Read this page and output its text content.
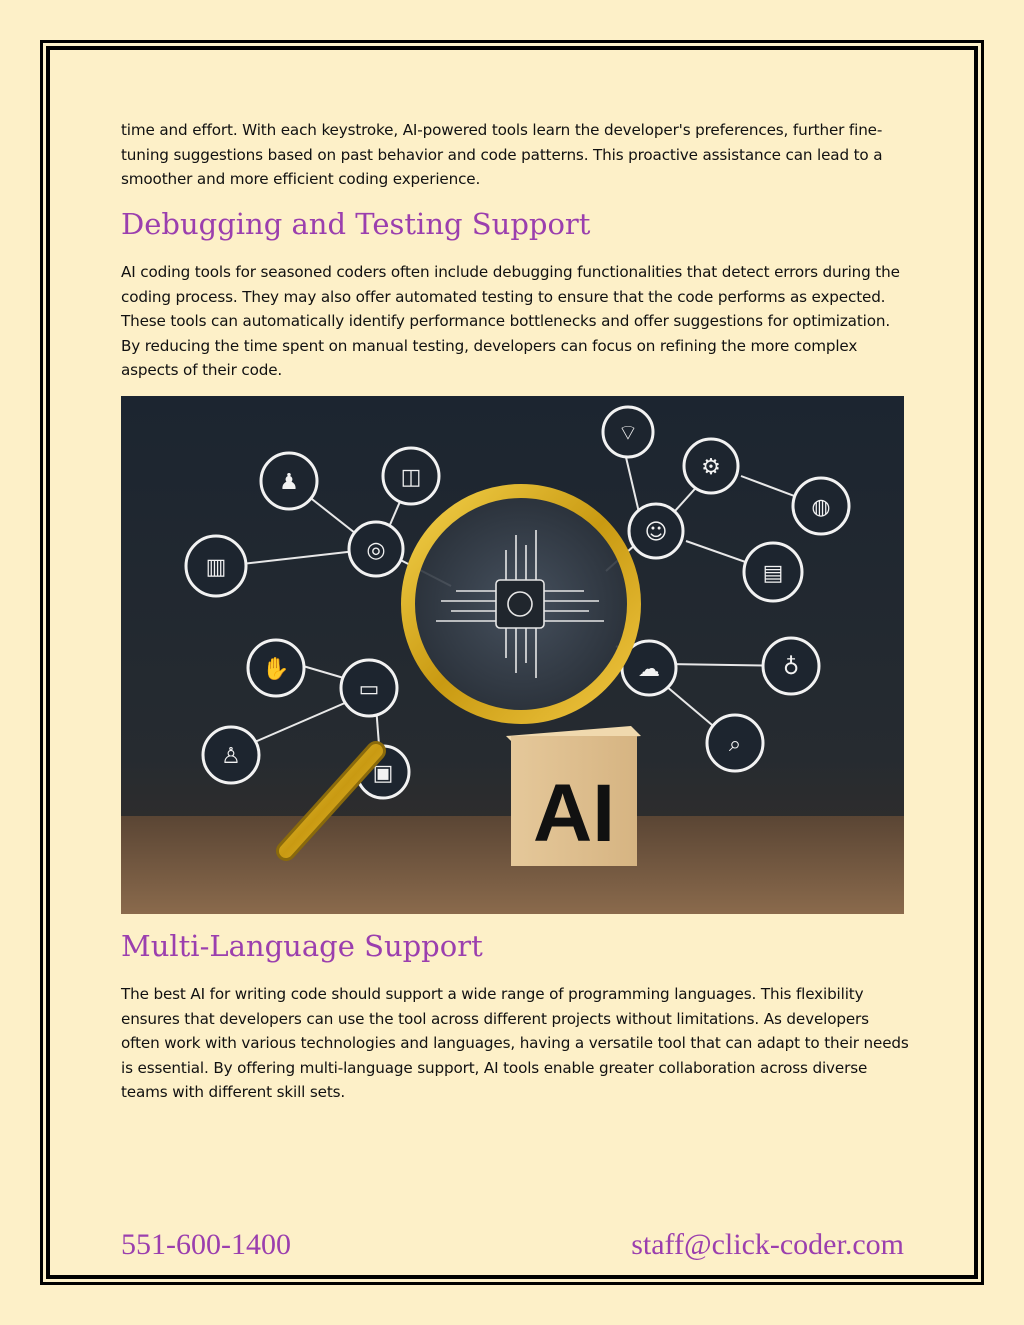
time and effort. With each keystroke, AI-powered tools learn the developer's preferences, further fine-tuning suggestions based on past behavior and code patterns. This proactive assistance can lead to a smoother and more efficient coding experience.

Debugging and Testing Support

AI coding tools for seasoned coders often include debugging functionalities that detect errors during the coding process. They may also offer automated testing to ensure that the code performs as expected. These tools can automatically identify performance bottlenecks and offer suggestions for optimization. By reducing the time spent on manual testing, developers can focus on refining the more complex aspects of their code.

♟	◫
▥
◎
✋
▭
♙
▣
⌔
⚙
◍
☺
▤
☁	♁
⌕
AI
Multi-Language Support

The best AI for writing code should support a wide range of programming languages. This flexibility ensures that developers can use the tool across different projects without limitations. As developers often work with various technologies and languages, having a versatile tool that can adapt to their needs is essential. By offering multi-language support, AI tools enable greater collaboration across diverse teams with different skill sets.

551-600-1400	staff@click-coder.com
